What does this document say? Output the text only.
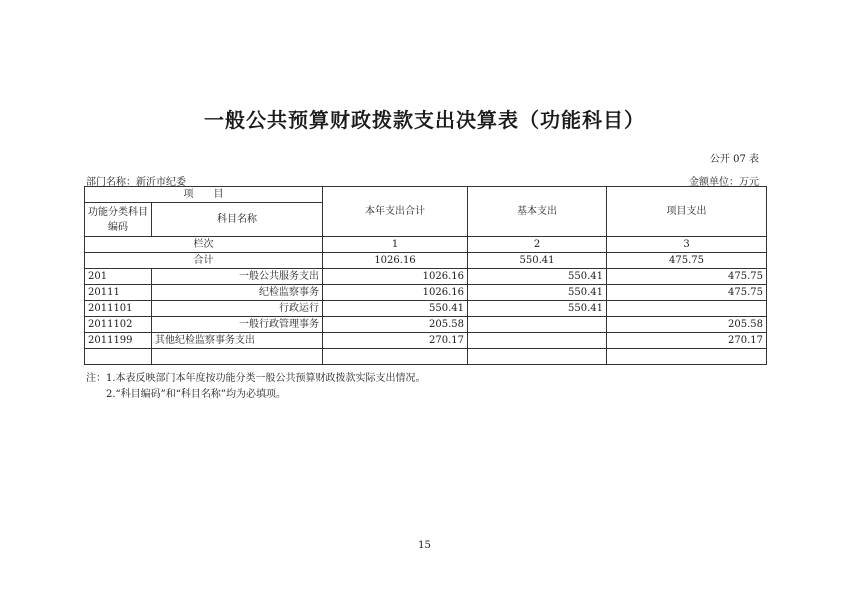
一般公共预算财政拨款支出决算表（功能科目）
公开 07 表
部门名称：新沂市纪委	金额单位：万元
项　　目		本年支出合计	基本支出	项目支出
功能分类科目编码	科目名称			
栏次		1	2	3
合计		1026.16	550.41	475.75
201	一般公共服务支出	1026.16	550.41	475.75
20111	纪检监察事务	1026.16	550.41	475.75
2011101	行政运行	550.41	550.41	
2011102	一般行政管理事务	205.58		205.58
2011199	其他纪检监察事务支出	270.17		270.17

注：1.本表反映部门本年度按功能分类一般公共预算财政拨款实际支出情况。
2.“科目编码”和“科目名称”均为必填项。
15
